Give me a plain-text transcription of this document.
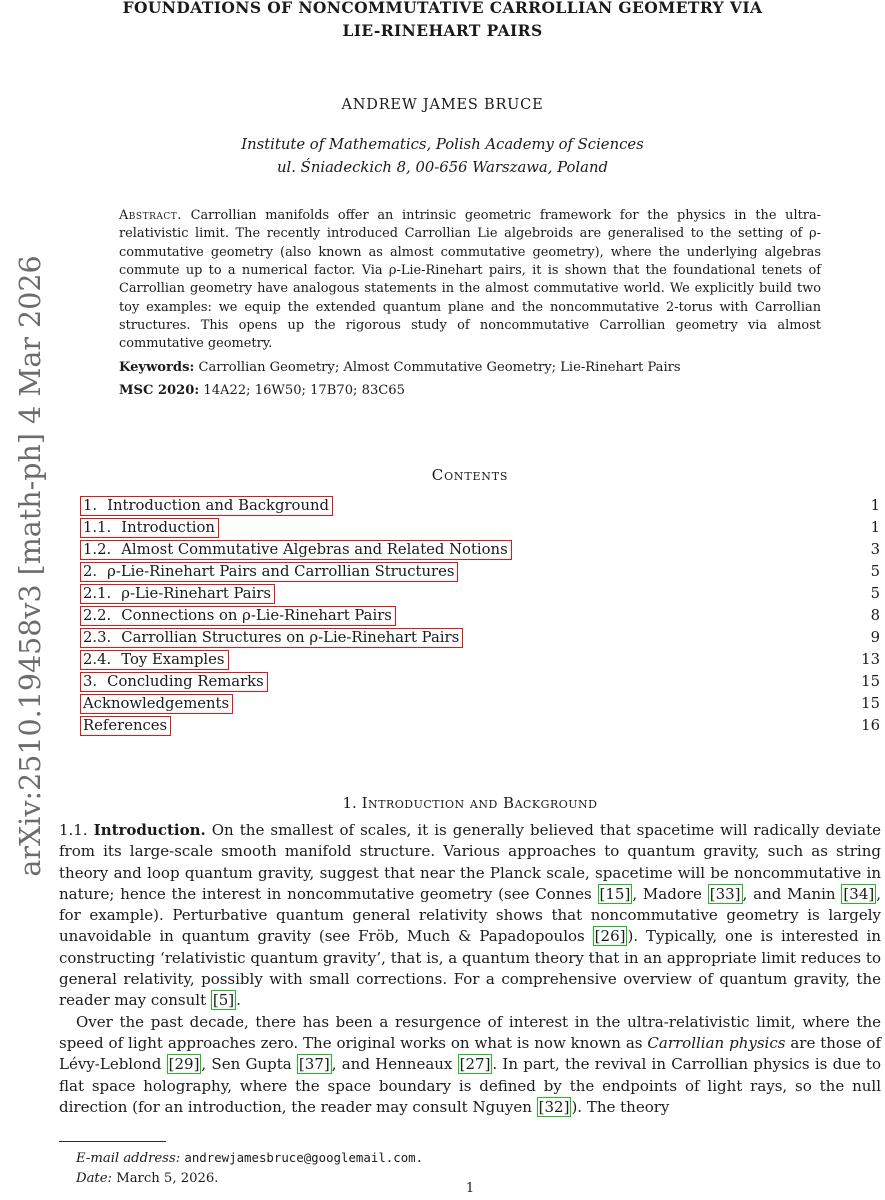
arXiv:2510.19458v3 [math-ph] 4 Mar 2026
FOUNDATIONS OF NONCOMMUTATIVE CARROLLIAN GEOMETRY VIA
LIE-RINEHART PAIRS
ANDREW JAMES BRUCE
Institute of Mathematics, Polish Academy of Sciences
ul. Śniadeckich 8, 00-656 Warszawa, Poland

Abstract. Carrollian manifolds offer an intrinsic geometric framework for the physics in the ultra-relativistic limit. The recently introduced Carrollian Lie algebroids are generalised to the setting of ρ-commutative geometry (also known as almost commutative geometry), where the underlying algebras commute up to a numerical factor. Via ρ-Lie-Rinehart pairs, it is shown that the foundational tenets of Carrollian geometry have analogous statements in the almost commutative world. We explicitly build two toy examples: we equip the extended quantum plane and the noncommutative 2-torus with Carrollian structures. This opens up the rigorous study of noncommutative Carrollian geometry via almost commutative geometry.

Keywords: Carrollian Geometry; Almost Commutative Geometry; Lie-Rinehart Pairs

MSC 2020: 14A22; 16W50; 17B70; 83C65

Contents
1. Introduction and Background	1
1.1. Introduction	1
1.2. Almost Commutative Algebras and Related Notions	3
2. ρ-Lie-Rinehart Pairs and Carrollian Structures	5
2.1. ρ-Lie-Rinehart Pairs	5
2.2. Connections on ρ-Lie-Rinehart Pairs	8
2.3. Carrollian Structures on ρ-Lie-Rinehart Pairs	9
2.4. Toy Examples	13
3. Concluding Remarks	15
Acknowledgements	15
References	16
1. Introduction and Background

1.1. Introduction. On the smallest of scales, it is generally believed that spacetime will radically deviate from its large-scale smooth manifold structure. Various approaches to quantum gravity, such as string theory and loop quantum gravity, suggest that near the Planck scale, spacetime will be noncommutative in nature; hence the interest in noncommutative geometry (see Connes [15] , Madore [33] , and Manin [34] , for example). Perturbative quantum general relativity shows that noncommutative geometry is largely unavoidable in quantum gravity (see Fröb, Much & Papadopoulos [26] ). Typically, one is interested in constructing ‘relativistic quantum gravity’, that is, a quantum theory that in an appropriate limit reduces to general relativity, possibly with small corrections. For a comprehensive overview of quantum gravity, the reader may consult [5] .

Over the past decade, there has been a resurgence of interest in the ultra-relativistic limit, where the speed of light approaches zero. The original works on what is now known as Carrollian physics are those of Lévy-Leblond [29] , Sen Gupta [37] , and Henneaux [27] . In part, the revival in Carrollian physics is due to flat space holography, where the space boundary is defined by the endpoints of light rays, so the null direction (for an introduction, the reader may consult Nguyen [32] ). The theory

E-mail address: andrewjamesbruce@googlemail.com.
Date: March 5, 2026.
1
